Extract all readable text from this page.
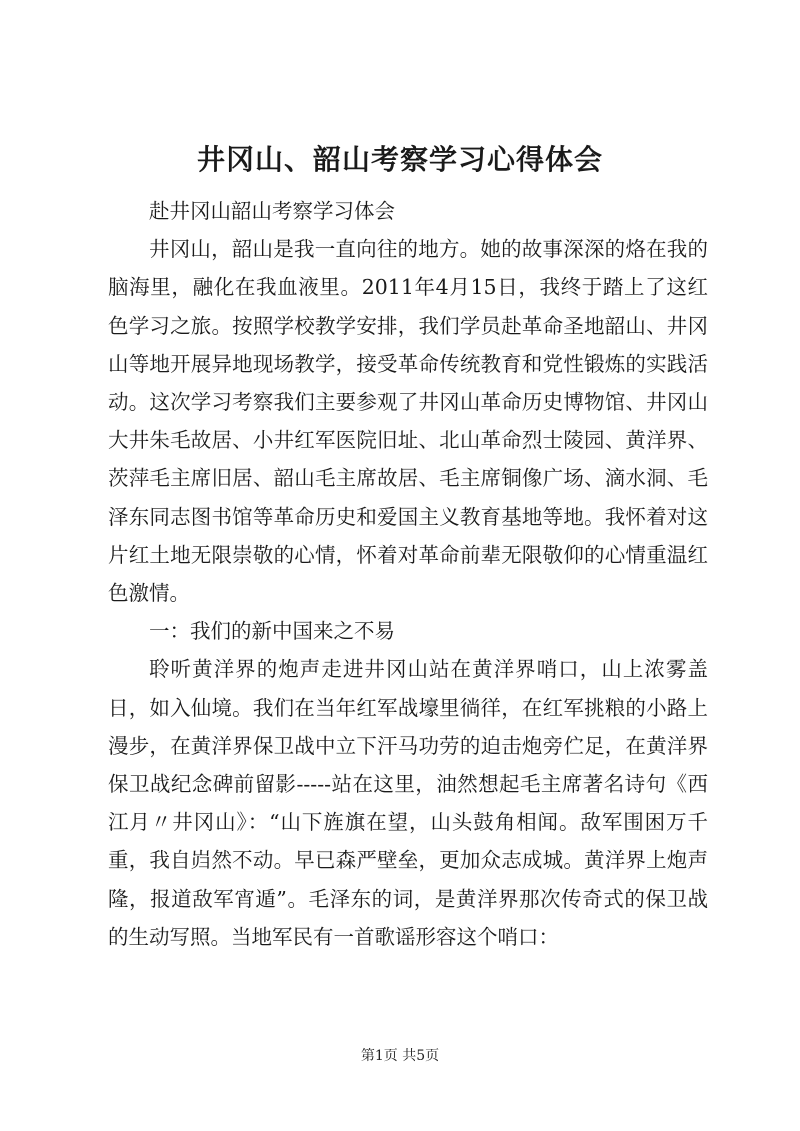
井冈山、韶山考察学习心得体会

赴井冈山韶山考察学习体会

井冈山，韶山是我一直向往的地方。她的故事深深的烙在我的脑海里，融化在我血液里。2011年4月15日，我终于踏上了这红色学习之旅。按照学校教学安排，我们学员赴革命圣地韶山、井冈山等地开展异地现场教学，接受革命传统教育和党性锻炼的实践活动。这次学习考察我们主要参观了井冈山革命历史博物馆、井冈山大井朱毛故居、小井红军医院旧址、北山革命烈士陵园、黄洋界、茨萍毛主席旧居、韶山毛主席故居、毛主席铜像广场、滴水洞、毛泽东同志图书馆等革命历史和爱国主义教育基地等地。我怀着对这片红土地无限崇敬的心情，怀着对革命前辈无限敬仰的心情重温红色激情。

一：我们的新中国来之不易

聆听黄洋界的炮声走进井冈山站在黄洋界哨口，山上浓雾盖日，如入仙境。我们在当年红军战壕里徜徉，在红军挑粮的小路上漫步，在黄洋界保卫战中立下汗马功劳的迫击炮旁伫足，在黄洋界保卫战纪念碑前留影-----站在这里，油然想起毛主席著名诗句《西江月〃井冈山》：“山下旌旗在望，山头鼓角相闻。敌军围困万千重，我自岿然不动。早已森严壁垒，更加众志成城。黄洋界上炮声隆，报道敌军宵遁”。毛泽东的词，是黄洋界那次传奇式的保卫战的生动写照。当地军民有一首歌谣形容这个哨口：

第1页 共5页
